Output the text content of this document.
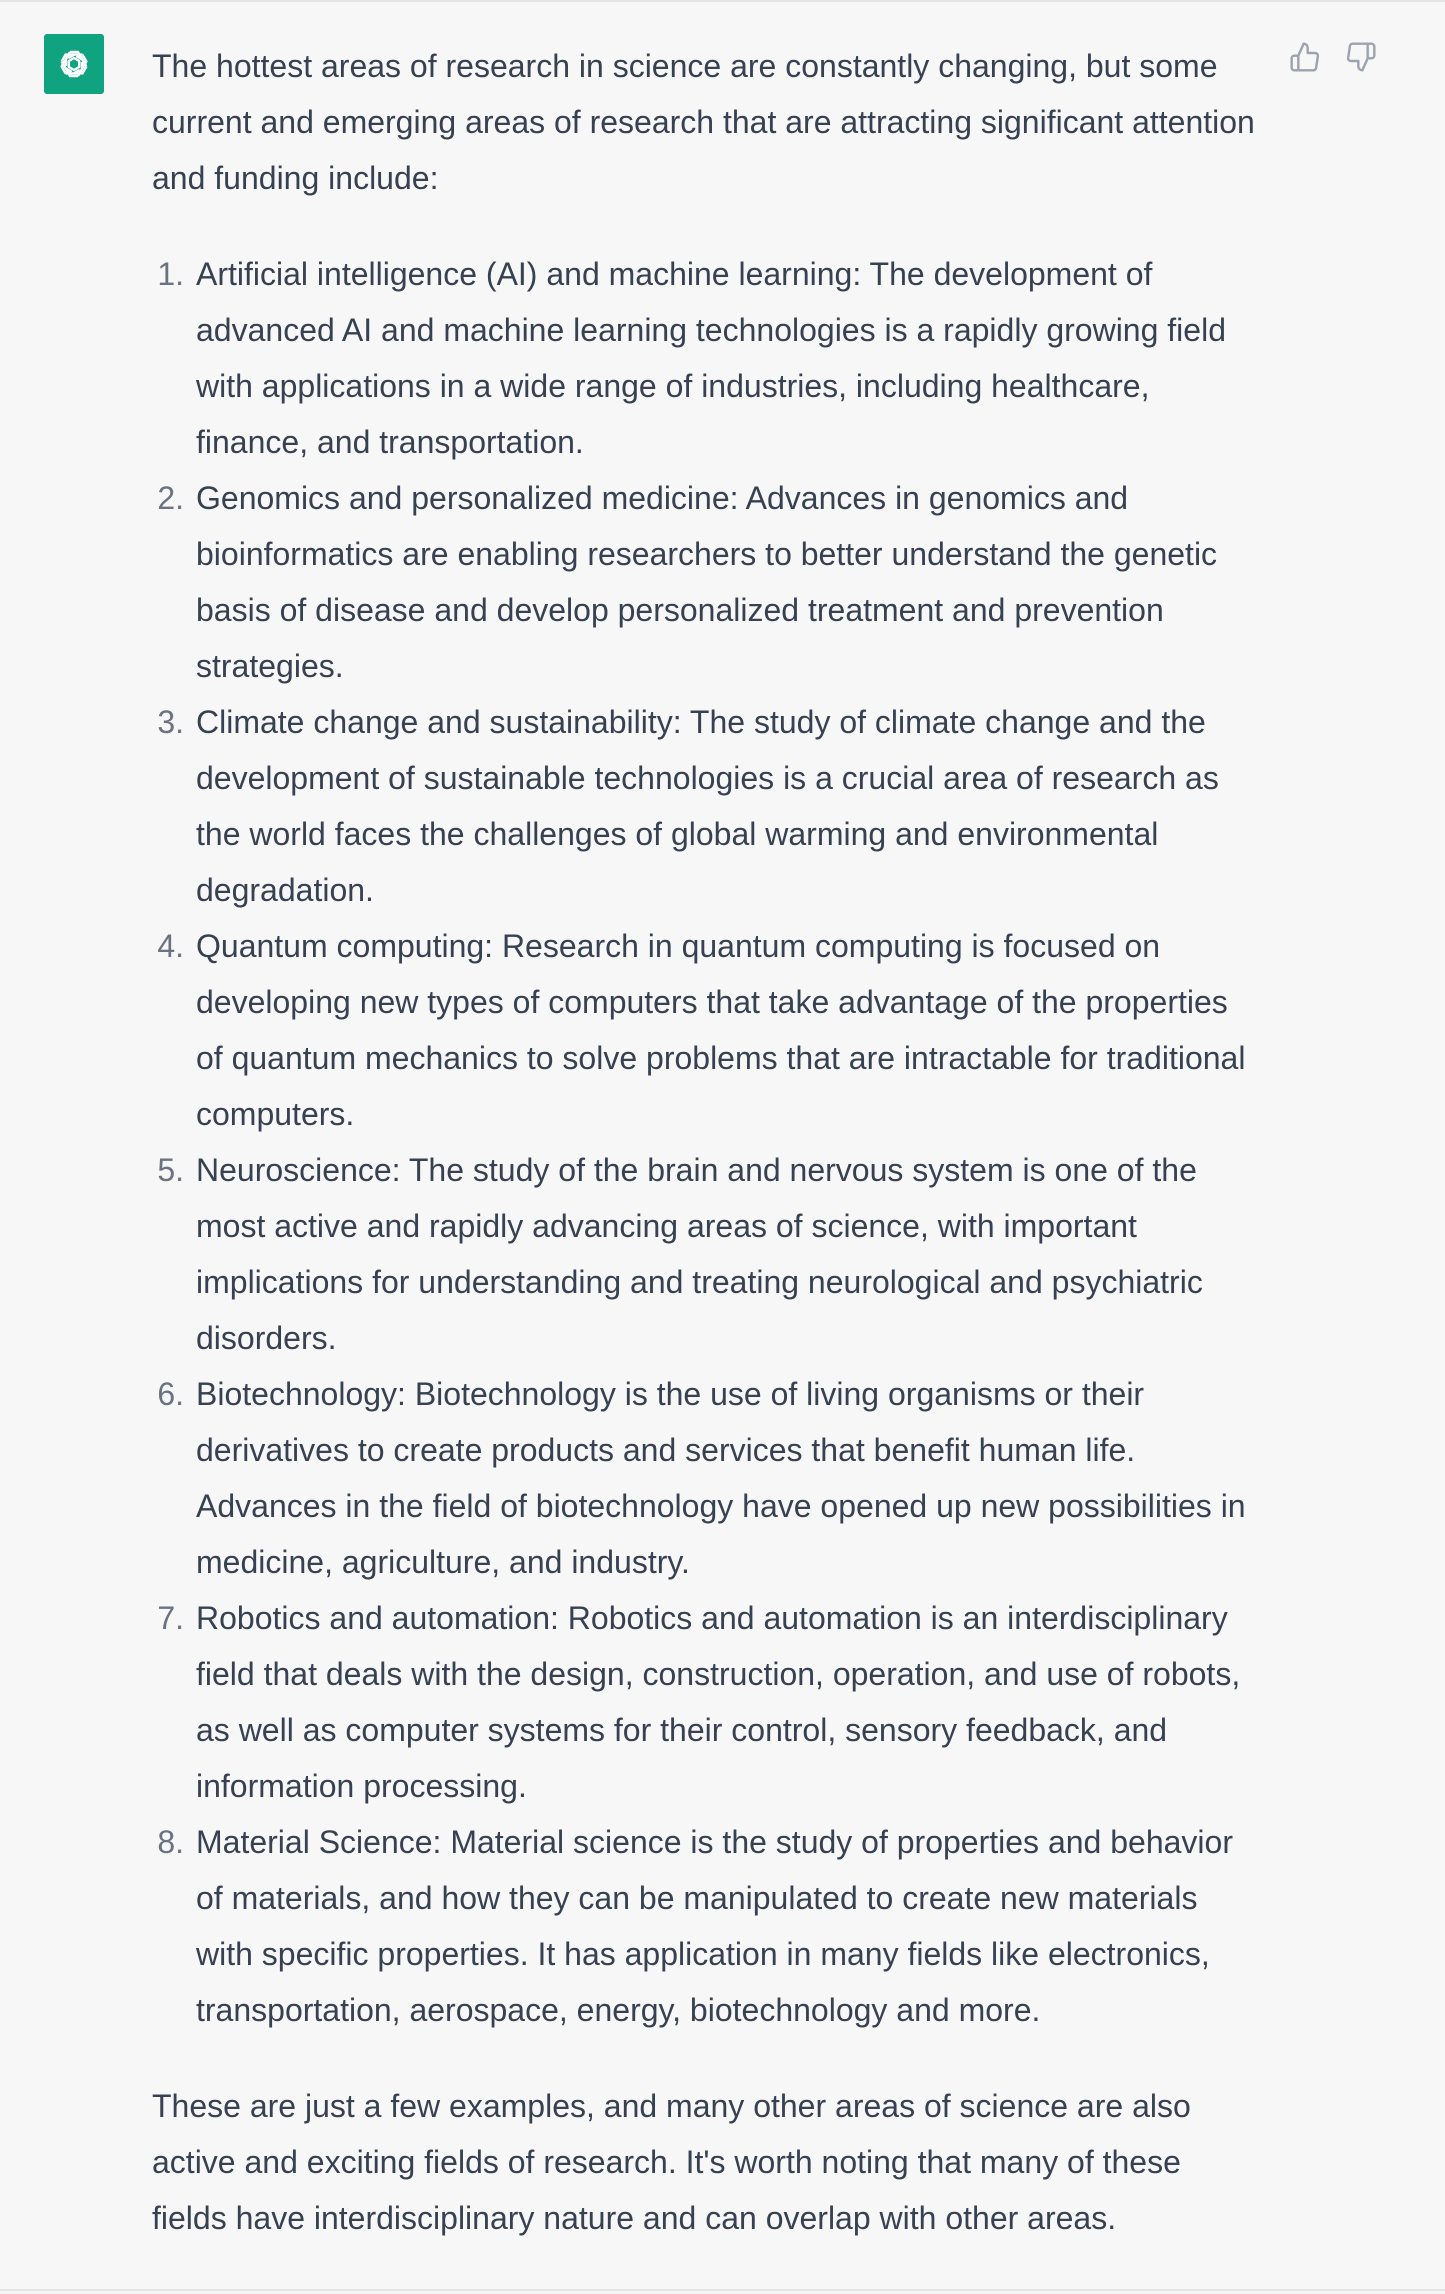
The hottest areas of research in science are constantly changing, but some current and emerging areas of research that are attracting significant attention and funding include:

1. Artificial intelligence (AI) and machine learning: The development of advanced AI and machine learning technologies is a rapidly growing field with applications in a wide range of industries, including healthcare, finance, and transportation.
2. Genomics and personalized medicine: Advances in genomics and bioinformatics are enabling researchers to better understand the genetic basis of disease and develop personalized treatment and prevention strategies.
3. Climate change and sustainability: The study of climate change and the development of sustainable technologies is a crucial area of research as the world faces the challenges of global warming and environmental degradation.
4. Quantum computing: Research in quantum computing is focused on developing new types of computers that take advantage of the properties of quantum mechanics to solve problems that are intractable for traditional computers.
5. Neuroscience: The study of the brain and nervous system is one of the most active and rapidly advancing areas of science, with important implications for understanding and treating neurological and psychiatric disorders.
6. Biotechnology: Biotechnology is the use of living organisms or their derivatives to create products and services that benefit human life. Advances in the field of biotechnology have opened up new possibilities in medicine, agriculture, and industry.
7. Robotics and automation: Robotics and automation is an interdisciplinary field that deals with the design, construction, operation, and use of robots, as well as computer systems for their control, sensory feedback, and information processing.
8. Material Science: Material science is the study of properties and behavior of materials, and how they can be manipulated to create new materials with specific properties. It has application in many fields like electronics, transportation, aerospace, energy, biotechnology and more.

These are just a few examples, and many other areas of science are also active and exciting fields of research. It's worth noting that many of these fields have interdisciplinary nature and can overlap with other areas.
